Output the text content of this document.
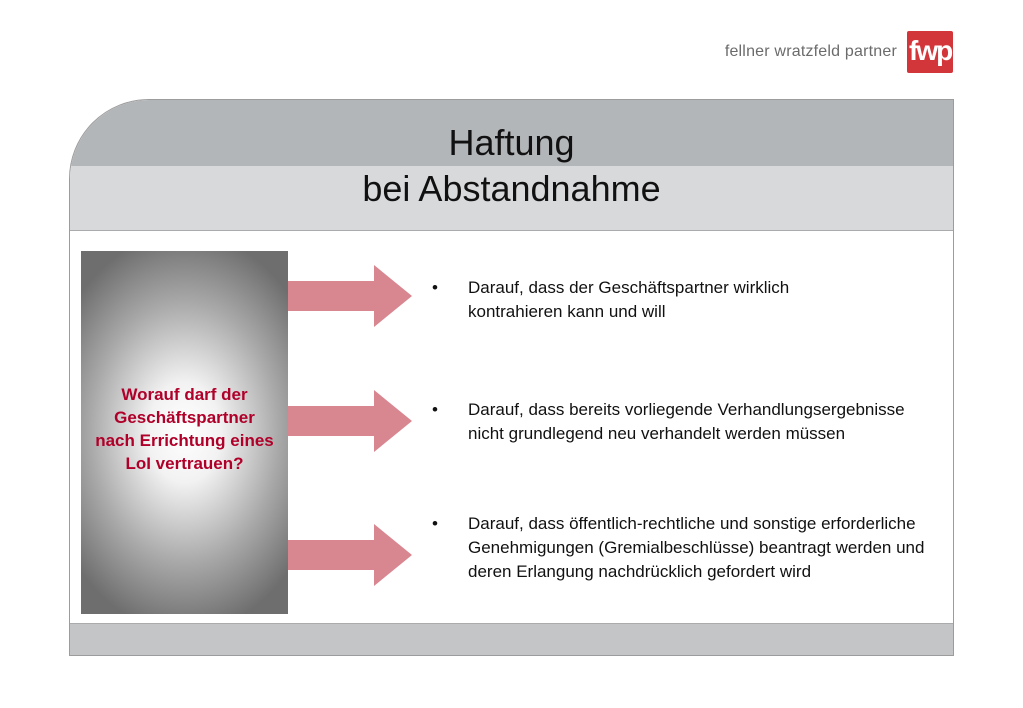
fellner wratzfeld partner fwp
Haftung
bei Abstandnahme
Worauf darf der Geschäftspartner nach Errichtung eines LoI vertrauen?
•	Darauf, dass der Geschäftspartner wirklich kontrahieren kann und will
•	Darauf, dass bereits vorliegende Verhandlungsergebnisse nicht grundlegend neu verhandelt werden müssen
•	Darauf, dass öffentlich-rechtliche und sonstige erforderliche Genehmigungen (Gremialbeschlüsse) beantragt werden und deren Erlangung nachdrücklich gefordert wird
